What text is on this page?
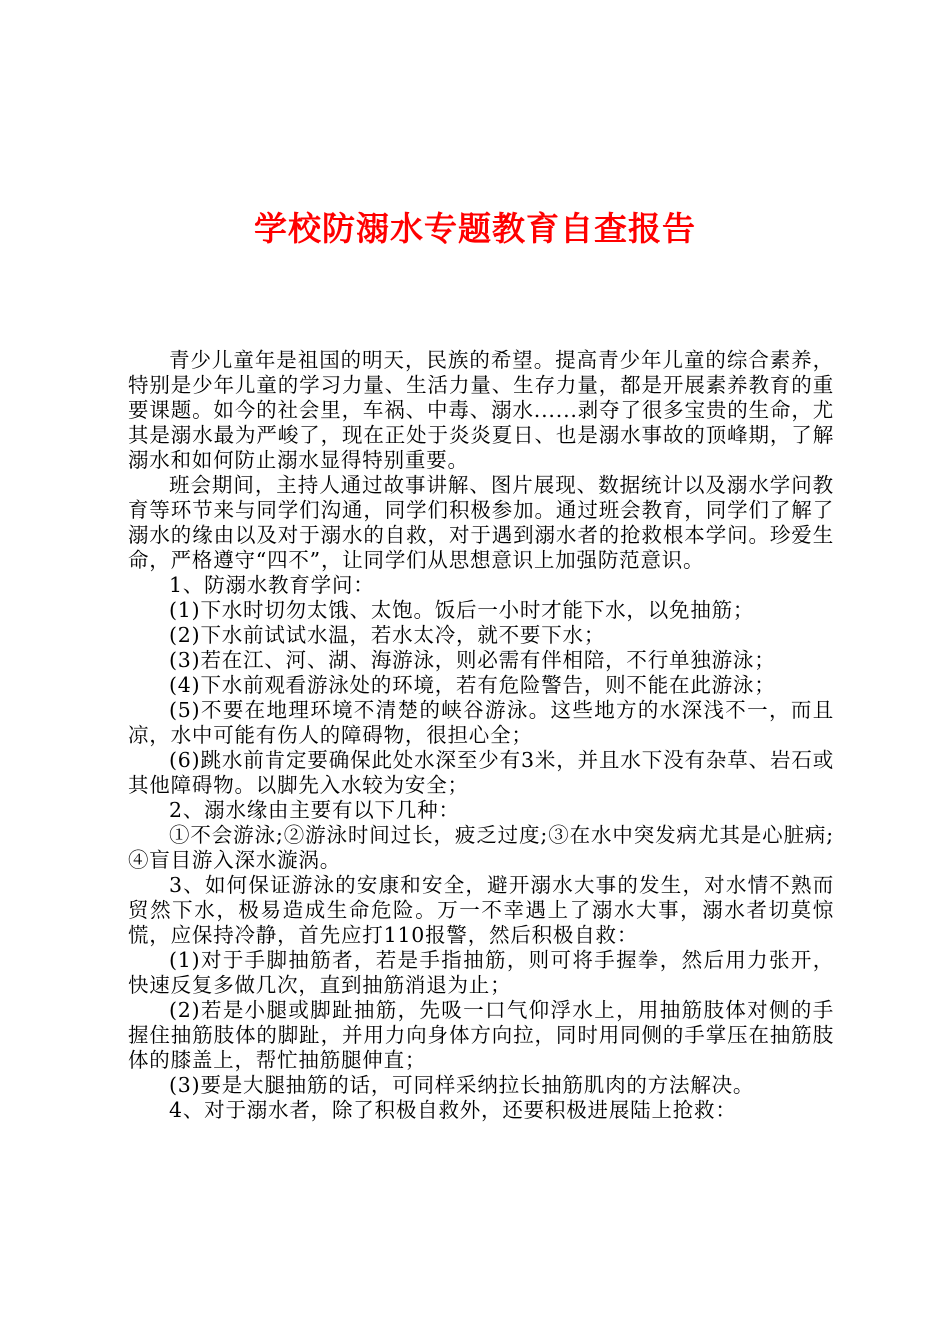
学校防溺水专题教育自查报告

青少儿童年是祖国的明天，民族的希望。提高青少年儿童的综合素养，特别是少年儿童的学习力量、生活力量、生存力量，都是开展素养教育的重要课题。如今的社会里，车祸、中毒、溺水......剥夺了很多宝贵的生命，尤其是溺水最为严峻了，现在正处于炎炎夏日、也是溺水事故的顶峰期，了解溺水和如何防止溺水显得特别重要。

班会期间，主持人通过故事讲解、图片展现、数据统计以及溺水学问教育等环节来与同学们沟通，同学们积极参加。通过班会教育，同学们了解了溺水的缘由以及对于溺水的自救，对于遇到溺水者的抢救根本学问。珍爱生命，严格遵守“四不”，让同学们从思想意识上加强防范意识。

1、防溺水教育学问：

(1)下水时切勿太饿、太饱。饭后一小时才能下水，以免抽筋；

(2)下水前试试水温，若水太冷，就不要下水；

(3)若在江、河、湖、海游泳，则必需有伴相陪，不行单独游泳；

(4)下水前观看游泳处的环境，若有危险警告，则不能在此游泳；

(5)不要在地理环境不清楚的峡谷游泳。这些地方的水深浅不一，而且凉，水中可能有伤人的障碍物，很担心全；

(6)跳水前肯定要确保此处水深至少有3米，并且水下没有杂草、岩石或其他障碍物。以脚先入水较为安全；

2、溺水缘由主要有以下几种：

①不会游泳;②游泳时间过长，疲乏过度;③在水中突发病尤其是心脏病;④盲目游入深水漩涡。

3、如何保证游泳的安康和安全，避开溺水大事的发生，对水情不熟而贸然下水，极易造成生命危险。万一不幸遇上了溺水大事，溺水者切莫惊慌，应保持冷静，首先应打110报警，然后积极自救：

(1)对于手脚抽筋者，若是手指抽筋，则可将手握拳，然后用力张开，快速反复多做几次，直到抽筋消退为止；

(2)若是小腿或脚趾抽筋，先吸一口气仰浮水上，用抽筋肢体对侧的手握住抽筋肢体的脚趾，并用力向身体方向拉，同时用同侧的手掌压在抽筋肢体的膝盖上，帮忙抽筋腿伸直；

(3)要是大腿抽筋的话，可同样采纳拉长抽筋肌肉的方法解决。

4、对于溺水者，除了积极自救外，还要积极进展陆上抢救：
